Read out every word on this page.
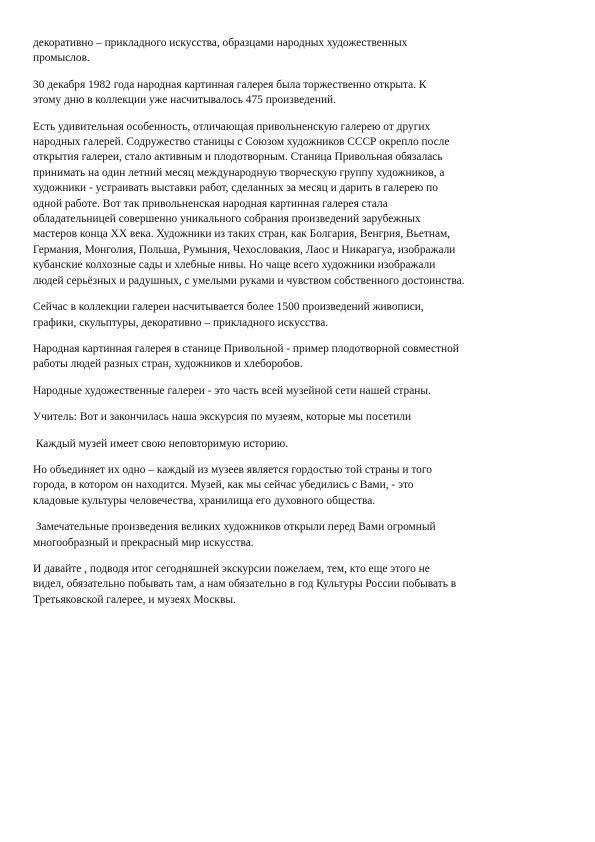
декоративно – прикладного искусства, образцами народных художественных
промыслов.

30 декабря 1982 года народная картинная галерея была торжественно открыта. К
этому дню в коллекции уже насчитывалось 475 произведений.

Есть удивительная особенность, отличающая привольненскую галерею от других
народных галерей. Содружество станицы с Союзом художников СССР окрепло после
открытия галереи, стало активным и плодотворным. Станица Привольная обязалась
принимать на один летний месяц международную творческую группу художников, а
художники - устраивать выставки работ, сделанных за месяц и дарить в галерею по
одной работе. Вот так привольненская народная картинная галерея стала
обладательницей совершенно уникального собрания произведений зарубежных
мастеров конца XX века. Художники из таких стран, как Болгария, Венгрия, Вьетнам,
Германия, Монголия, Польша, Румыния, Чехословакия, Лаос и Никарагуа, изображали
кубанские колхозные сады и хлебные нивы. Но чаще всего художники изображали
людей серьёзных и радушных, с умелыми руками и чувством собственного достоинства.

Сейчас в коллекции галереи насчитывается более 1500 произведений живописи,
графики, скульптуры, декоративно – прикладного искусства.

Народная картинная галерея в станице Привольной - пример плодотворной совместной
работы людей разных стран, художников и хлеборобов.

Народные художественные галереи - это часть всей музейной сети нашей страны.

Учитель: Вот и закончилась наша экскурсия по музеям, которые мы посетили

Каждый музей имеет свою неповторимую историю.

Но объединяет их одно – каждый из музеев является гордостью той страны и того
города, в котором он находится. Музей, как мы сейчас убедились с Вами, - это
кладовые культуры человечества, хранилища его духовного общества.

Замечательные произведения великих художников открыли перед Вами огромный
многообразный и прекрасный мир искусства.

И давайте , подводя итог сегодняшней экскурсии пожелаем, тем, кто еще этого не
видел, обязательно побывать там, а нам обязательно в год Культуры России побывать в
Третьяковской галерее, и музеях Москвы.
